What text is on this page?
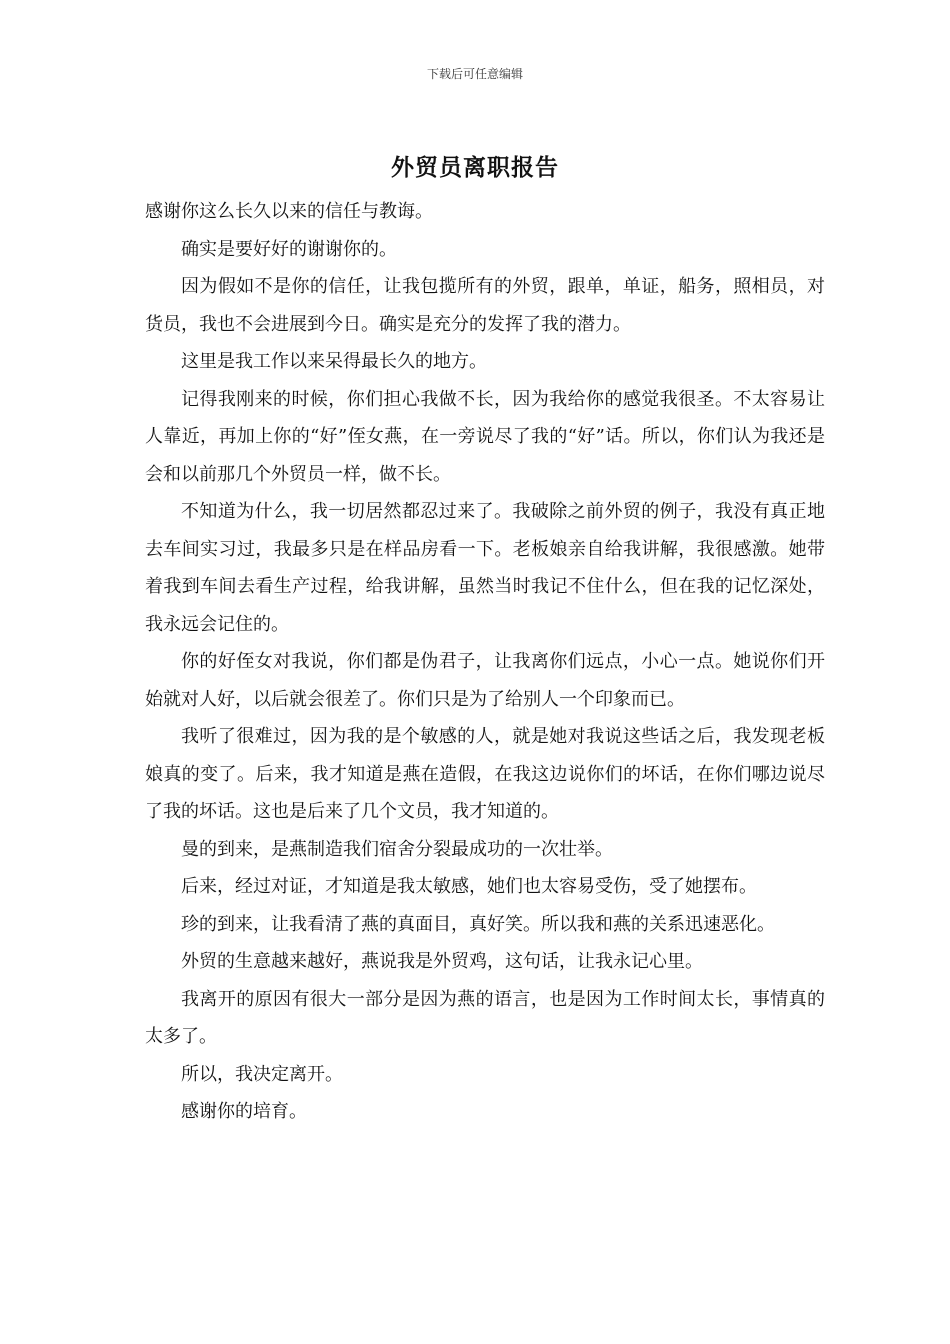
下载后可任意编辑
外贸员离职报告

感谢你这么长久以来的信任与教诲。

确实是要好好的谢谢你的。

因为假如不是你的信任，让我包揽所有的外贸，跟单，单证，船务，照相员，对货员，我也不会进展到今日。确实是充分的发挥了我的潜力。

这里是我工作以来呆得最长久的地方。

记得我刚来的时候，你们担心我做不长，因为我给你的感觉我很圣。不太容易让人靠近，再加上你的“好”侄女燕，在一旁说尽了我的“好”话。所以，你们认为我还是会和以前那几个外贸员一样，做不长。

不知道为什么，我一切居然都忍过来了。我破除之前外贸的例子，我没有真正地去车间实习过，我最多只是在样品房看一下。老板娘亲自给我讲解，我很感激。她带着我到车间去看生产过程，给我讲解，虽然当时我记不住什么，但在我的记忆深处，我永远会记住的。

你的好侄女对我说，你们都是伪君子，让我离你们远点，小心一点。她说你们开始就对人好，以后就会很差了。你们只是为了给别人一个印象而已。

我听了很难过，因为我的是个敏感的人，就是她对我说这些话之后，我发现老板娘真的变了。后来，我才知道是燕在造假，在我这边说你们的坏话，在你们哪边说尽了我的坏话。这也是后来了几个文员，我才知道的。

曼的到来，是燕制造我们宿舍分裂最成功的一次壮举。

后来，经过对证，才知道是我太敏感，她们也太容易受伤，受了她摆布。

珍的到来，让我看清了燕的真面目，真好笑。所以我和燕的关系迅速恶化。

外贸的生意越来越好，燕说我是外贸鸡，这句话，让我永记心里。

我离开的原因有很大一部分是因为燕的语言，也是因为工作时间太长，事情真的太多了。

所以，我决定离开。

感谢你的培育。
